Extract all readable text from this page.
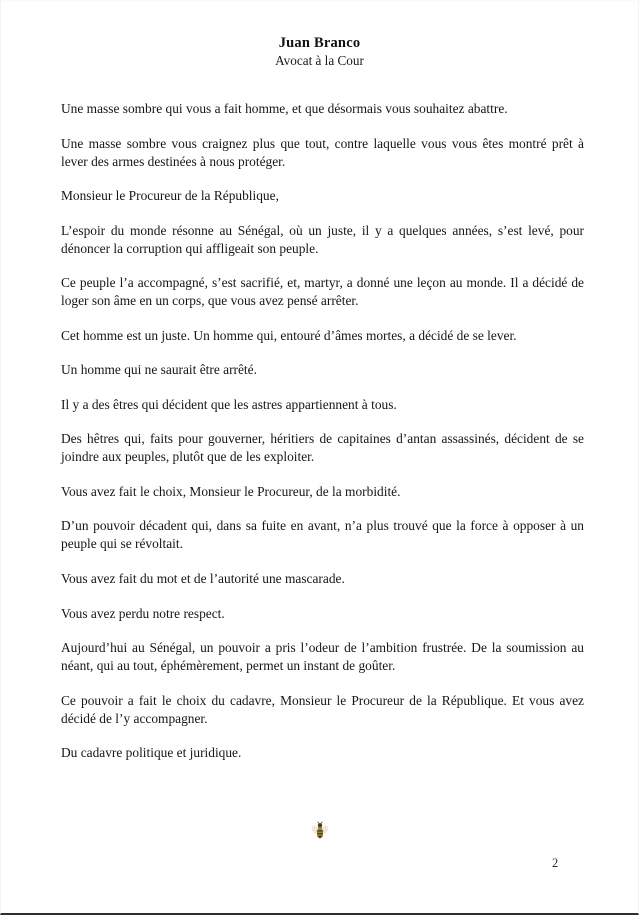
Juan Branco
Avocat à la Cour

Une masse sombre qui vous a fait homme, et que désormais vous souhaitez abattre.

Une masse sombre vous craignez plus que tout, contre laquelle vous vous êtes montré prêt à lever des armes destinées à nous protéger.

Monsieur le Procureur de la République,

L’espoir du monde résonne au Sénégal, où un juste, il y a quelques années, s’est levé, pour dénoncer la corruption qui affligeait son peuple.

Ce peuple l’a accompagné, s’est sacrifié, et, martyr, a donné une leçon au monde. Il a décidé de loger son âme en un corps, que vous avez pensé arrêter.

Cet homme est un juste. Un homme qui, entouré d’âmes mortes, a décidé de se lever.

Un homme qui ne saurait être arrêté.

Il y a des êtres qui décident que les astres appartiennent à tous.

Des hêtres qui, faits pour gouverner, héritiers de capitaines d’antan assassinés, décident de se joindre aux peuples, plutôt que de les exploiter.

Vous avez fait le choix, Monsieur le Procureur, de la morbidité.

D’un pouvoir décadent qui, dans sa fuite en avant, n’a plus trouvé que la force à opposer à un peuple qui se révoltait.

Vous avez fait du mot et de l’autorité une mascarade.

Vous avez perdu notre respect.

Aujourd’hui au Sénégal, un pouvoir a pris l’odeur de l’ambition frustrée. De la soumission au néant, qui au tout, éphémèrement, permet un instant de goûter.

Ce pouvoir a fait le choix du cadavre, Monsieur le Procureur de la République. Et vous avez décidé de l’y accompagner.

Du cadavre politique et juridique.

2
